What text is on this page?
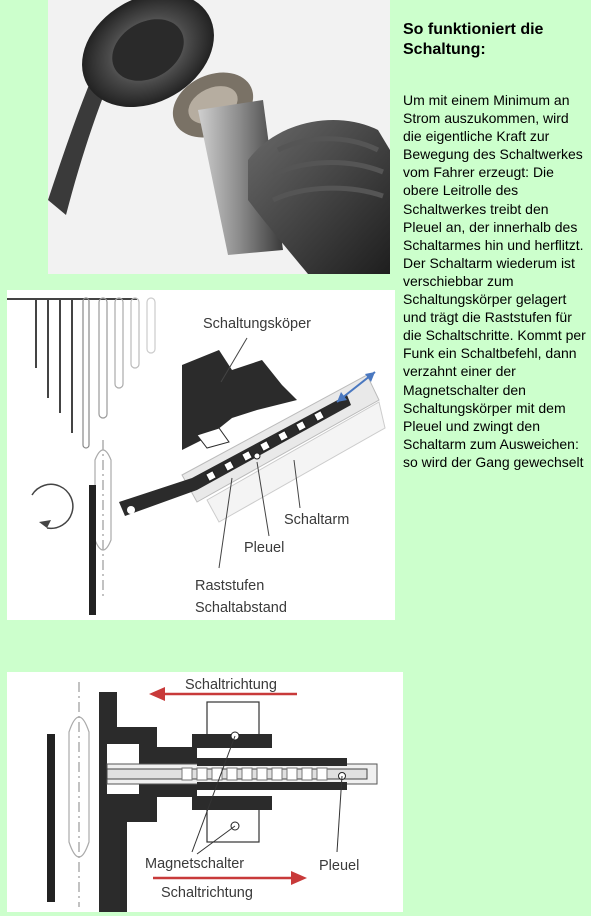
Schaltungsköper
Schaltarm
Pleuel
Raststufen
Schaltabstand
Schaltrichtung
Magnetschalter	Pleuel
Schaltrichtung
So funktioniert die Schaltung:

Um mit einem Minimum an Strom auszukommen, wird die eigentliche Kraft zur Bewegung des Schaltwerkes vom Fahrer erzeugt: Die obere Leitrolle des Schaltwerkes treibt den Pleuel an, der innerhalb des Schaltarmes hin und herflitzt. Der Schaltarm wiederum ist verschiebbar zum Schaltungskörper gelagert und trägt die Raststufen für die Schaltschritte. Kommt per Funk ein Schaltbefehl, dann verzahnt einer der Magnetschalter den Schaltungskörper mit dem Pleuel und zwingt den Schaltarm zum Ausweichen: so wird der Gang gewechselt
